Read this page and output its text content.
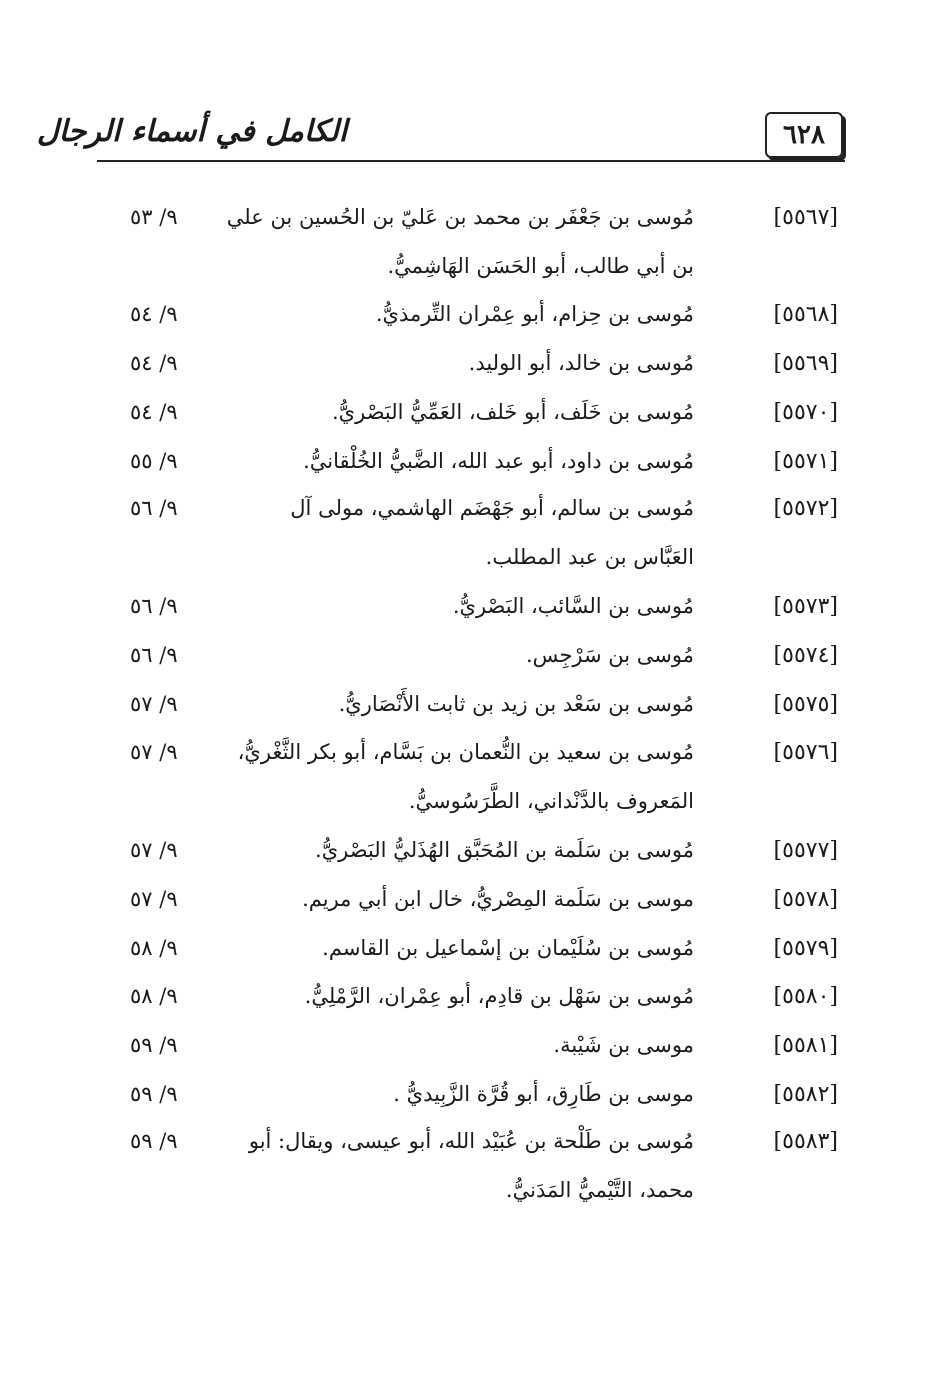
٦٢٨
الكامل في أسماء الرجال
[٥٥٦٧]
مُوسى بن جَعْفَر بن محمد بن عَليّ بن الحُسين بن علي
بن أبي طالب، أبو الحَسَن الهَاشِميُّ.
٩/ ٥٣
[٥٥٦٨]
مُوسى بن حِزام، أبو عِمْران التِّرمذيُّ.
٩/ ٥٤
[٥٥٦٩]
مُوسى بن خالد، أبو الوليد.
٩/ ٥٤
[٥٥٧٠]
مُوسى بن خَلَف، أبو خَلف، العَمِّيُّ البَصْريُّ.
٩/ ٥٤
[٥٥٧١]
مُوسى بن داود، أبو عبد الله، الضَّبيُّ الخُلْقانيُّ.
٩/ ٥٥
[٥٥٧٢]
مُوسى بن سالم، أبو جَهْضَم الهاشمي، مولى آل
العَبَّاس بن عبد المطلب.
٩/ ٥٦
[٥٥٧٣]
مُوسى بن السَّائب، البَصْريُّ.
٩/ ٥٦
[٥٥٧٤]
مُوسى بن سَرْجِس.
٩/ ٥٦
[٥٥٧٥]
مُوسى بن سَعْد بن زيد بن ثابت الأَنْصَاريُّ.
٩/ ٥٧
[٥٥٧٦]
مُوسى بن سعيد بن النُّعمان بن بَسَّام، أبو بكر الثَّغْريُّ،
المَعروف بالدَّنْداني، الطَّرَسُوسيُّ.
٩/ ٥٧
[٥٥٧٧]
مُوسى بن سَلَمة بن المُحَبَّق الهُذَليُّ البَصْريُّ.
٩/ ٥٧
[٥٥٧٨]
موسى بن سَلَمة المِصْريُّ، خال ابن أبي مريم.
٩/ ٥٧
[٥٥٧٩]
مُوسى بن سُلَيْمان بن إسْماعيل بن القاسم.
٩/ ٥٨
[٥٥٨٠]
مُوسى بن سَهْل بن قادِم، أبو عِمْران، الرَّمْلِيُّ.
٩/ ٥٨
[٥٥٨١]
موسى بن شَيْبة.
٩/ ٥٩
[٥٥٨٢]
موسى بن طَارِق، أبو قُرَّة الزَّبِيديُّ .
٩/ ٥٩
[٥٥٨٣]
مُوسى بن طَلْحة بن عُبَيْد الله، أبو عيسى، ويقال: أبو
محمد، التَّيْميُّ المَدَنيُّ.
٩/ ٥٩
